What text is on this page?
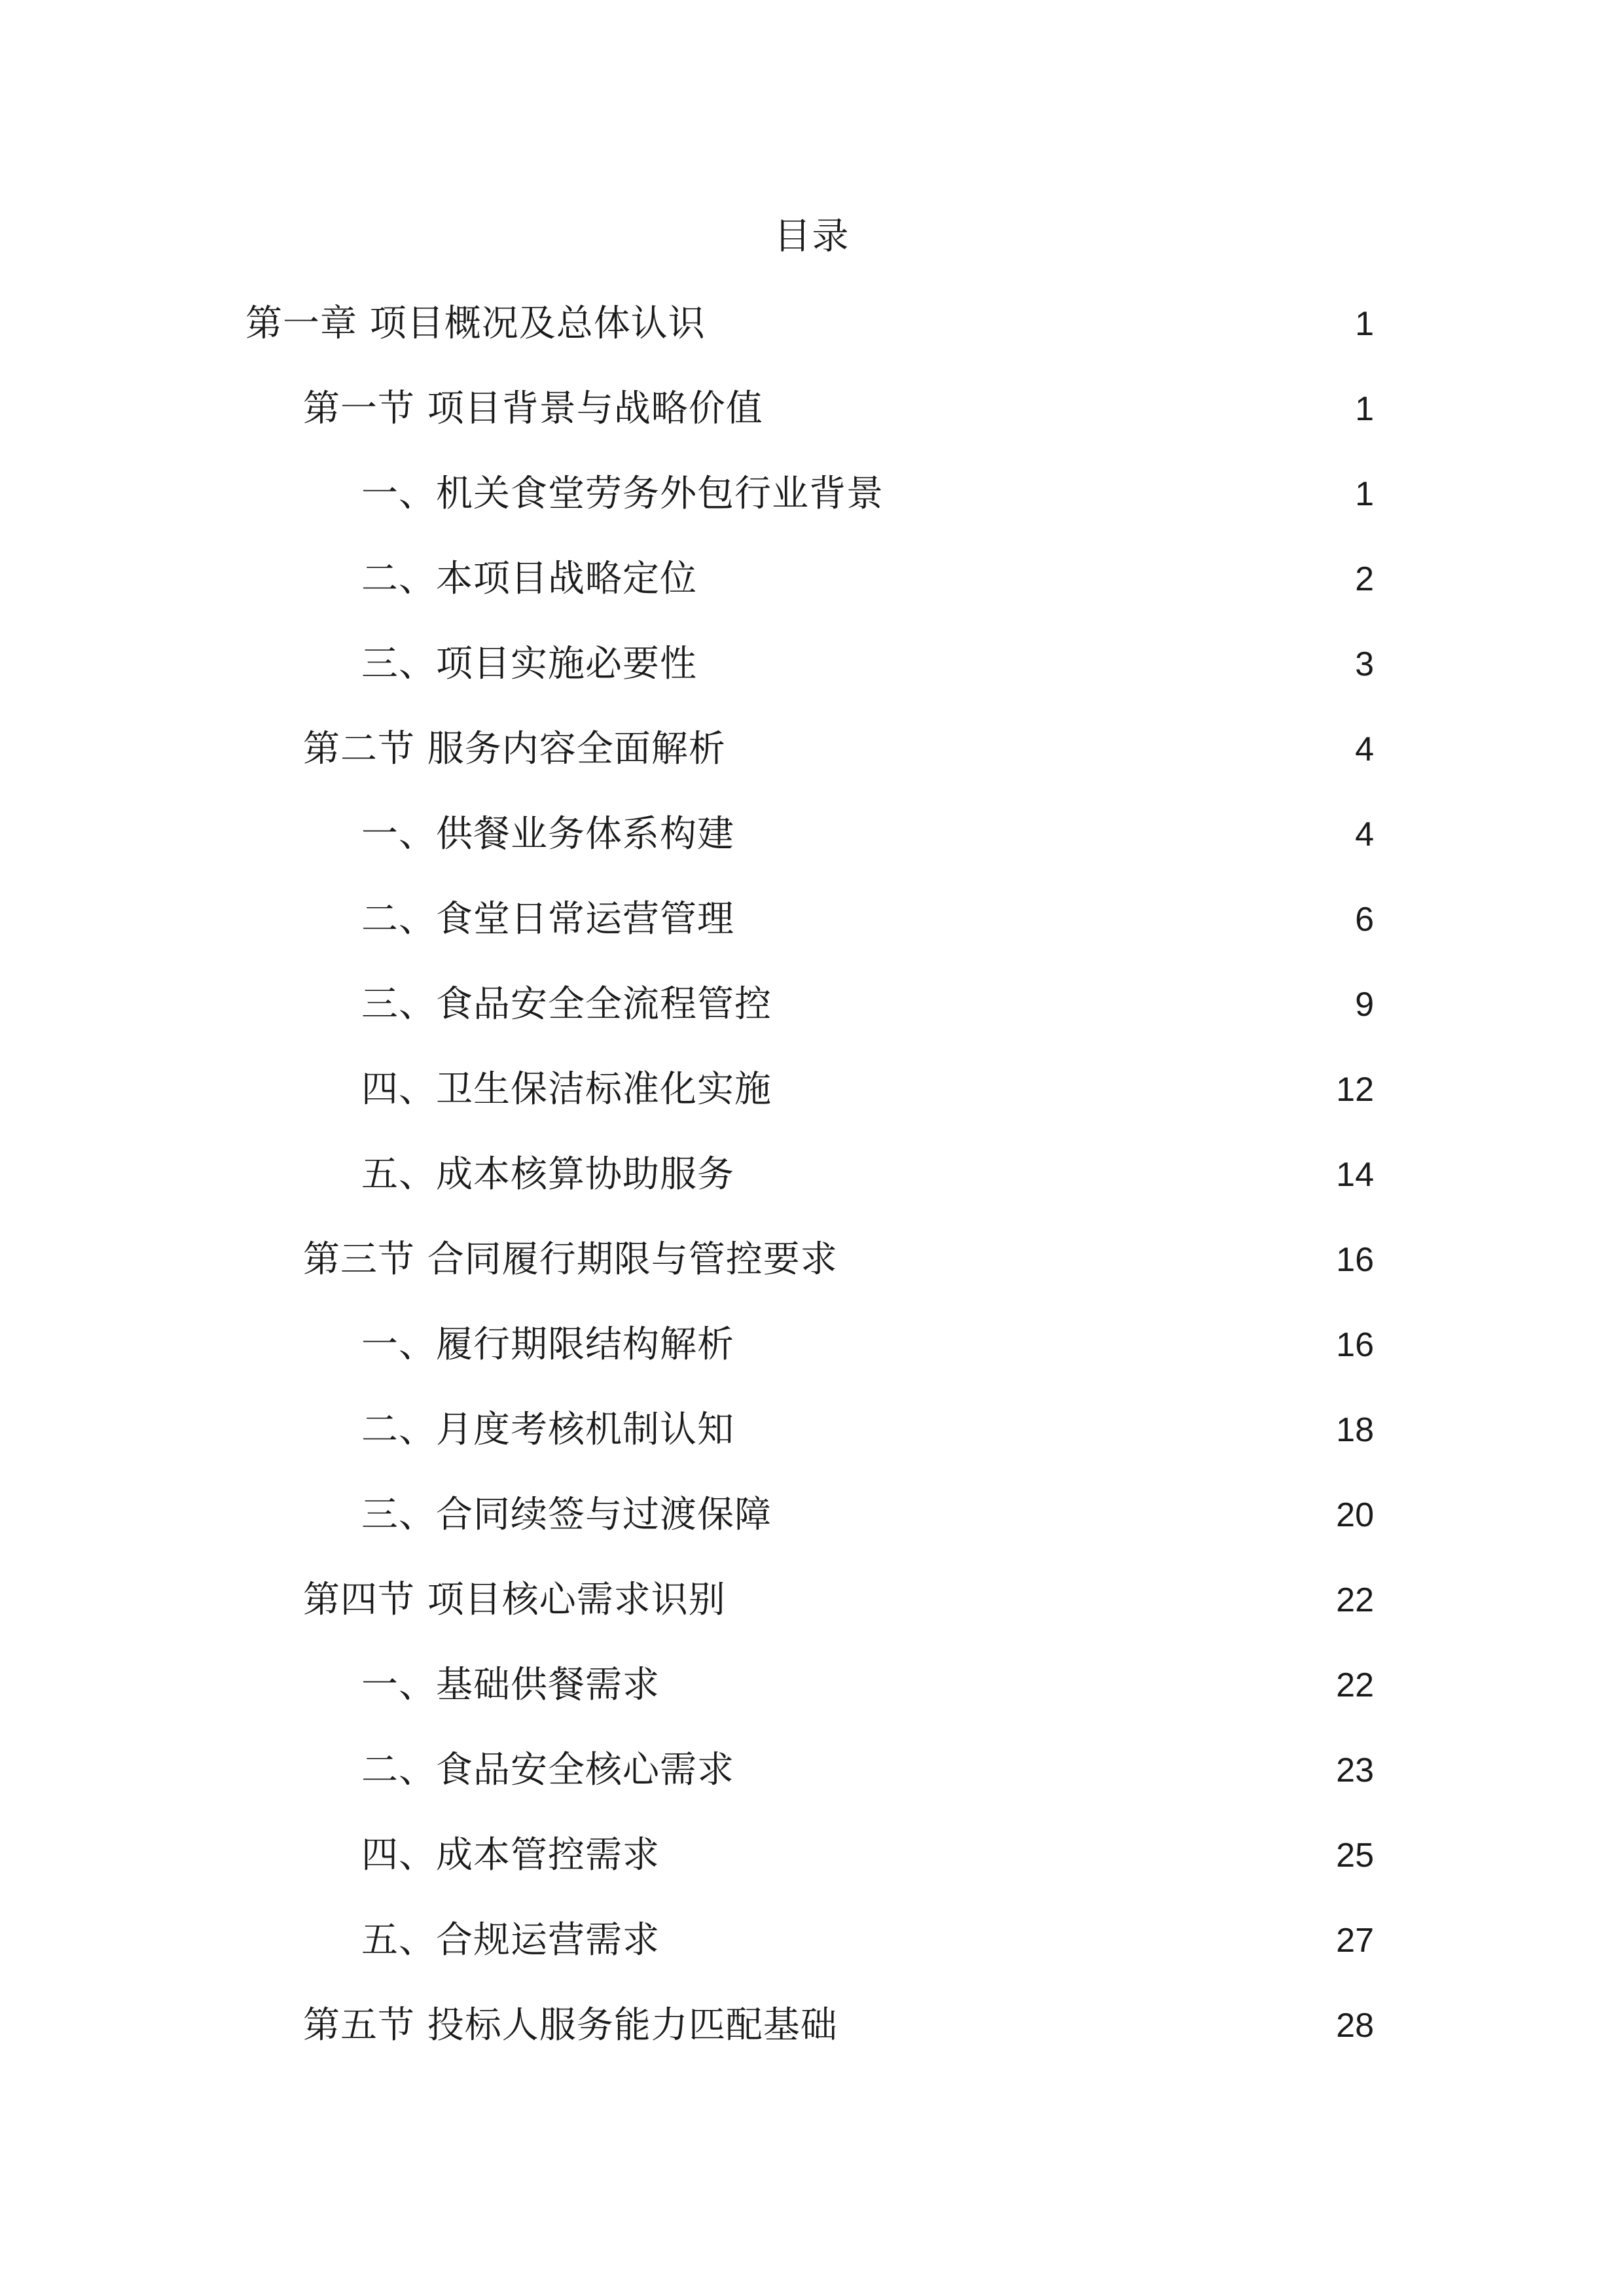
目录
第一章 项目概况及总体认识	1
第一节 项目背景与战略价值	1
一、机关食堂劳务外包行业背景	1
二、本项目战略定位	2
三、项目实施必要性	3
第二节 服务内容全面解析	4
一、供餐业务体系构建	4
二、食堂日常运营管理	6
三、食品安全全流程管控	9
四、卫生保洁标准化实施	12
五、成本核算协助服务	14
第三节 合同履行期限与管控要求	16
一、履行期限结构解析	16
二、月度考核机制认知	18
三、合同续签与过渡保障	20
第四节 项目核心需求识别	22
一、基础供餐需求	22
二、食品安全核心需求	23
四、成本管控需求	25
五、合规运营需求	27
第五节 投标人服务能力匹配基础	28
